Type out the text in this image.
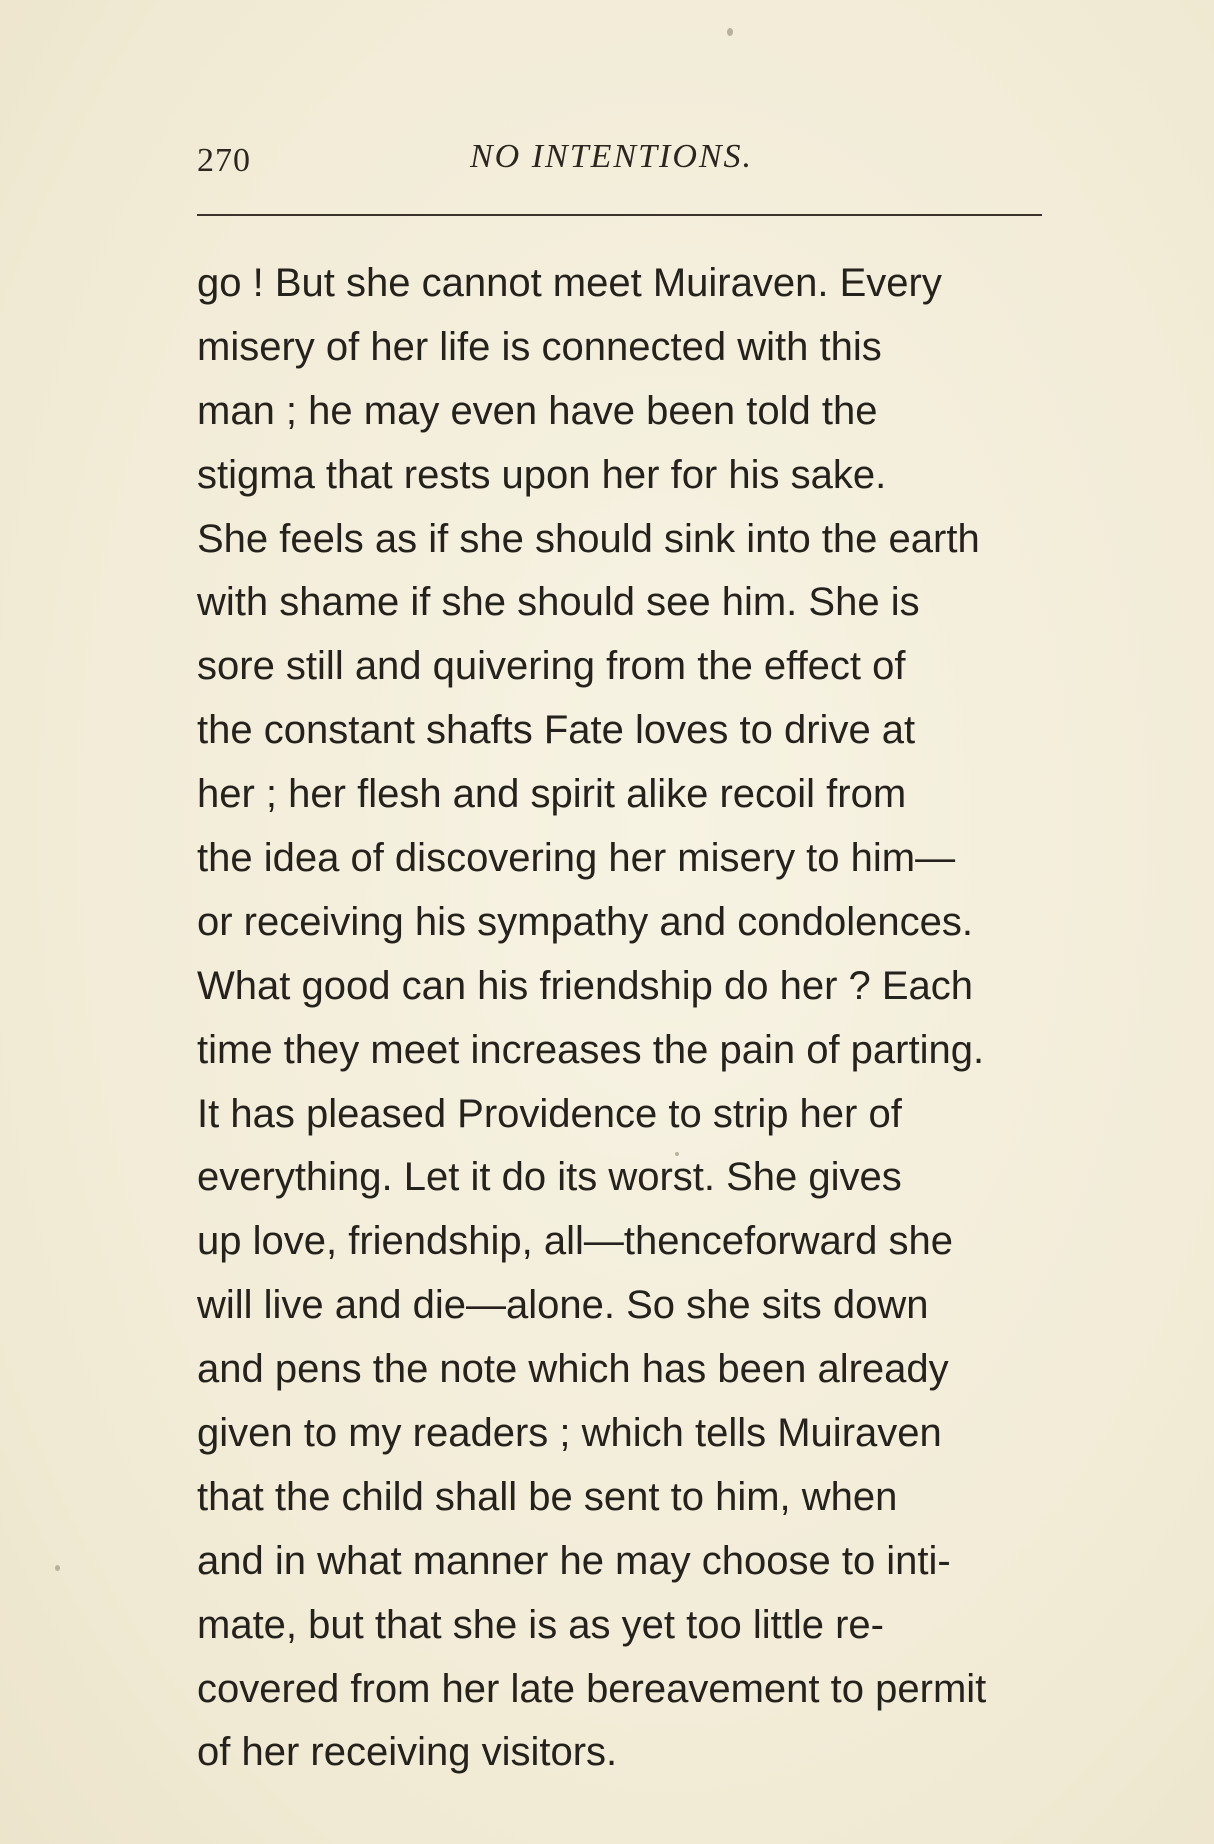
270	NO INTENTIONS.
go ! But she cannot meet Muiraven. Every
misery of her life is connected with this
man ; he may even have been told the
stigma that rests upon her for his sake.
She feels as if she should sink into the earth
with shame if she should see him. She is
sore still and quivering from the effect of
the constant shafts Fate loves to drive at
her ; her flesh and spirit alike recoil from
the idea of discovering her misery to him—
or receiving his sympathy and condolences.
What good can his friendship do her ? Each
time they meet increases the pain of parting.
It has pleased Providence to strip her of
everything. Let it do its worst. She gives
up love, friendship, all—thenceforward she
will live and die—alone. So she sits down
and pens the note which has been already
given to my readers ; which tells Muiraven
that the child shall be sent to him, when
and in what manner he may choose to inti-
mate, but that she is as yet too little re-
covered from her late bereavement to permit
of her receiving visitors.
